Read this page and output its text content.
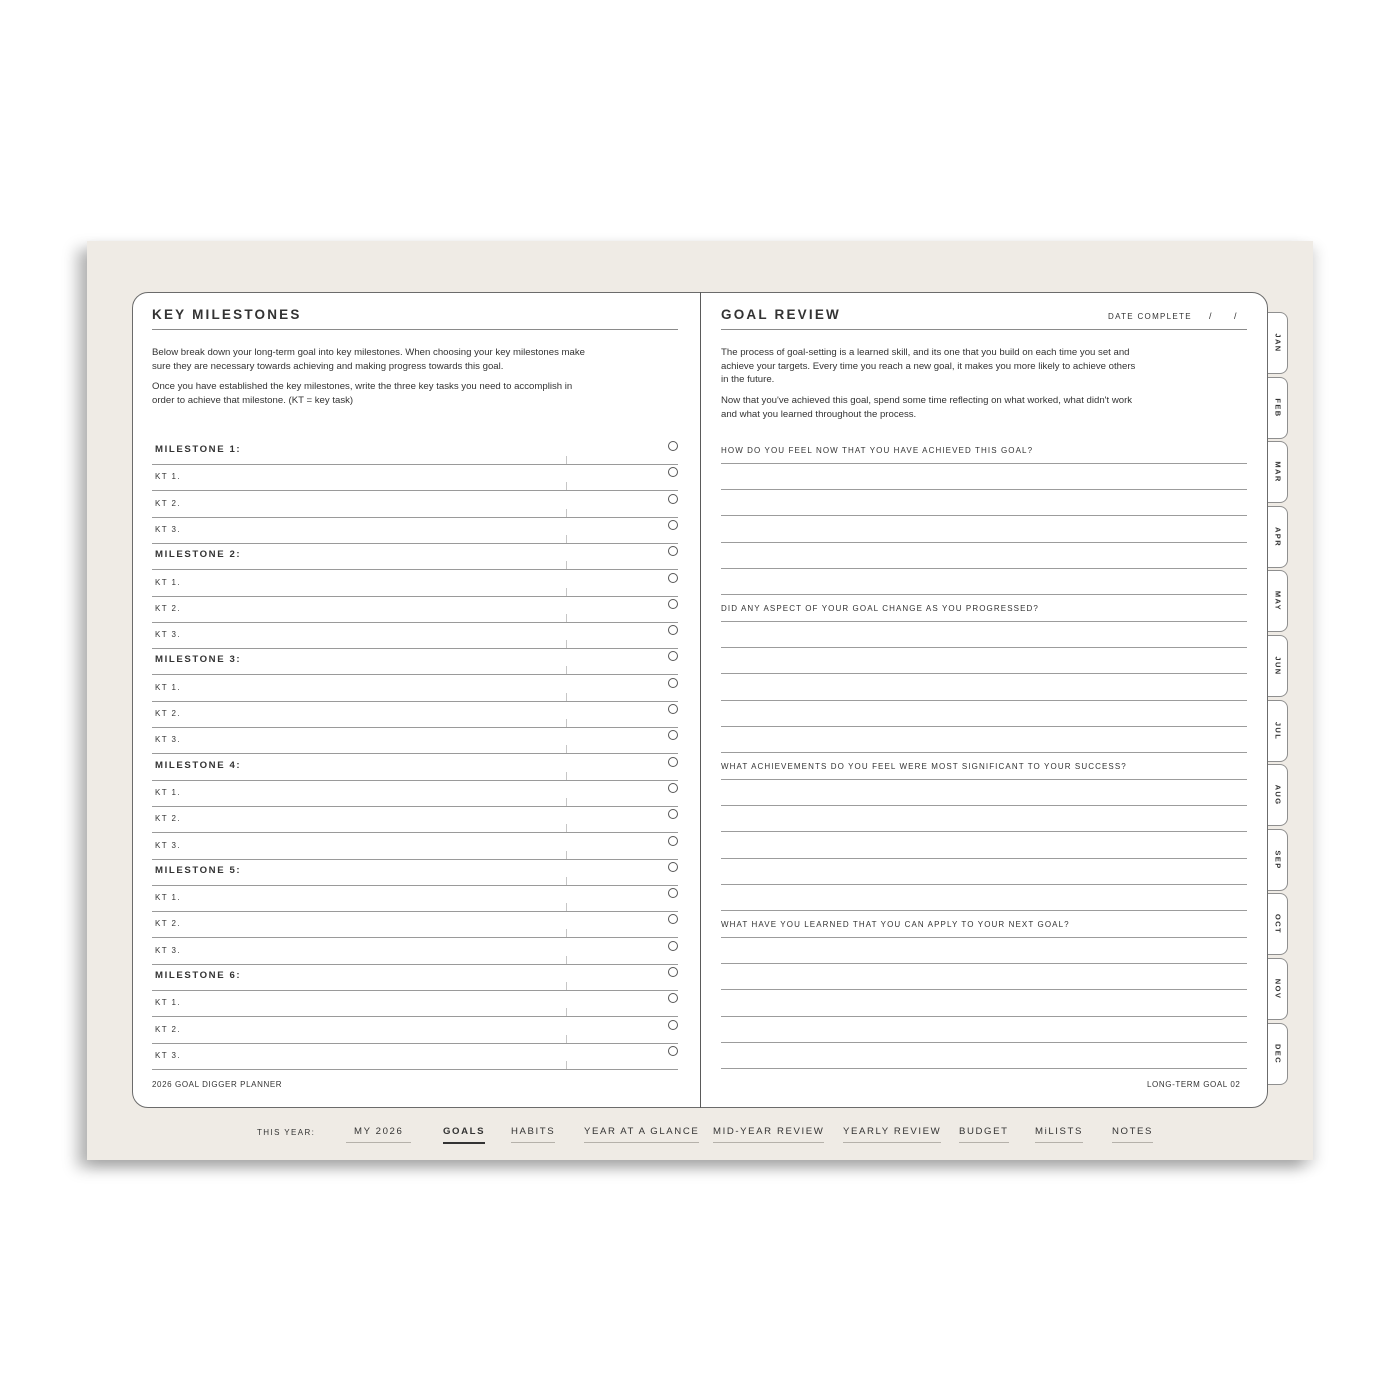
KEY MILESTONES
Below break down your long-term goal into key milestones. When choosing your key milestones make
sure they are necessary towards achieving and making progress towards this goal.
Once you have established the key milestones, write the three key tasks you need to accomplish in
order to achieve that milestone. (KT = key task)
MILESTONE 1:
KT 1.
KT 2.
KT 3.
MILESTONE 2:
KT 1.
KT 2.
KT 3.
MILESTONE 3:
KT 1.
KT 2.
KT 3.
MILESTONE 4:
KT 1.
KT 2.
KT 3.
MILESTONE 5:
KT 1.
KT 2.
KT 3.
MILESTONE 6:
KT 1.
KT 2.
KT 3.
2026 GOAL DIGGER PLANNER
GOAL REVIEW	DATE COMPLETE / /
The process of goal-setting is a learned skill, and its one that you build on each time you set and
achieve your targets. Every time you reach a new goal, it makes you more likely to achieve others
in the future.
Now that you've achieved this goal, spend some time reflecting on what worked, what didn't work
and what you learned throughout the process.
HOW DO YOU FEEL NOW THAT YOU HAVE ACHIEVED THIS GOAL?
DID ANY ASPECT OF YOUR GOAL CHANGE AS YOU PROGRESSED?
WHAT ACHIEVEMENTS DO YOU FEEL WERE MOST SIGNIFICANT TO YOUR SUCCESS?
WHAT HAVE YOU LEARNED THAT YOU CAN APPLY TO YOUR NEXT GOAL?
LONG-TERM GOAL 02
JAN
FEB
MAR
APR
MAY
JUN
JUL
AUG
SEP
OCT
NOV
DEC
THIS YEAR:	MY 2026	GOALS	HABITS	YEAR AT A GLANCE MID-YEAR REVIEW YEARLY REVIEW BUDGET	MiLISTS	NOTES
